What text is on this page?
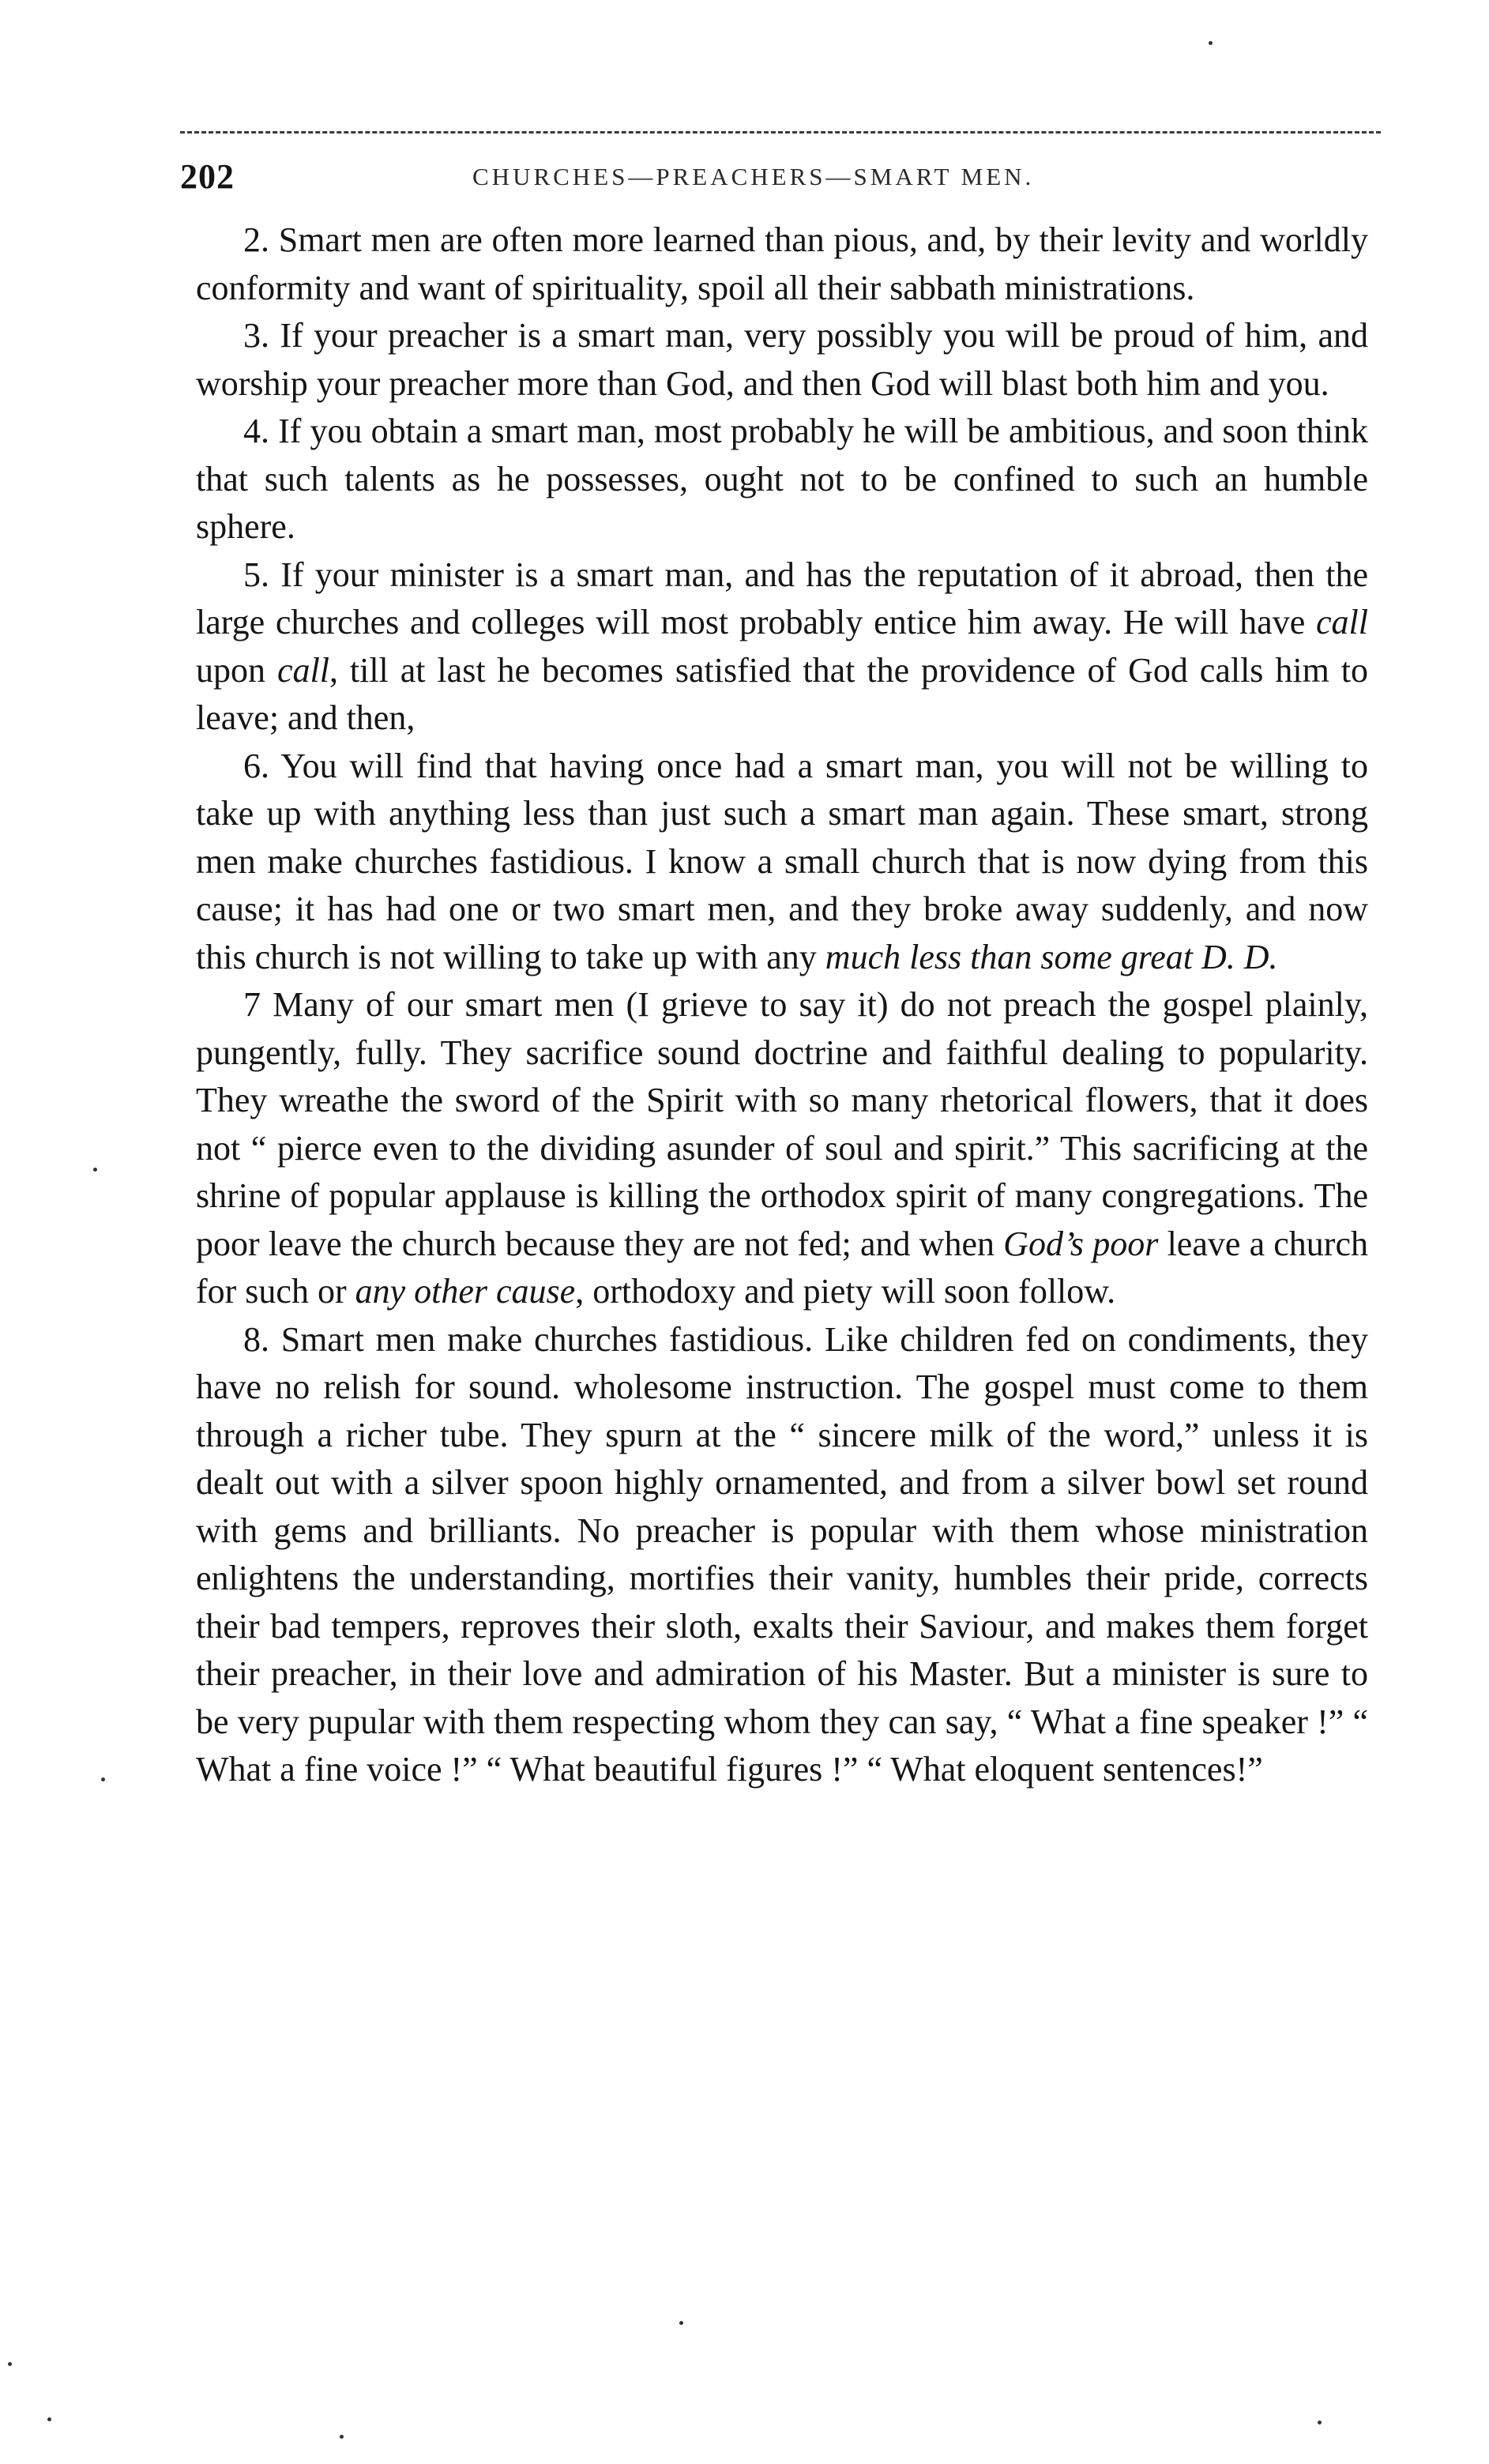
202	CHURCHES—PREACHERS—SMART MEN.

2. Smart men are often more learned than pious, and, by their levity and worldly conformity and want of spirituality, spoil all their sabbath ministrations.

3. If your preacher is a smart man, very possibly you will be proud of him, and worship your preacher more than God, and then God will blast both him and you.

4. If you obtain a smart man, most probably he will be ambitious, and soon think that such talents as he possesses, ought not to be confined to such an humble sphere.

5. If your minister is a smart man, and has the reputation of it abroad, then the large churches and colleges will most probably entice him away. He will have call upon call, till at last he becomes satisfied that the providence of God calls him to leave; and then,

6. You will find that having once had a smart man, you will not be willing to take up with anything less than just such a smart man again. These smart, strong men make churches fastidious. I know a small church that is now dying from this cause; it has had one or two smart men, and they broke away suddenly, and now this church is not willing to take up with any much less than some great D. D.

7 Many of our smart men (I grieve to say it) do not preach the gospel plainly, pungently, fully. They sacrifice sound doctrine and faithful dealing to popularity. They wreathe the sword of the Spirit with so many rhetorical flowers, that it does not “ pierce even to the dividing asunder of soul and spirit.” This sacrificing at the shrine of popular applause is killing the orthodox spirit of many congregations. The poor leave the church because they are not fed; and when God’s poor leave a church for such or any other cause, orthodoxy and piety will soon follow.

8. Smart men make churches fastidious. Like children fed on condiments, they have no relish for sound. wholesome instruction. The gospel must come to them through a richer tube. They spurn at the “ sincere milk of the word,” unless it is dealt out with a silver spoon highly ornamented, and from a silver bowl set round with gems and brilliants. No preacher is popular with them whose ministration enlightens the understanding, mortifies their vanity, humbles their pride, corrects their bad tempers, reproves their sloth, exalts their Saviour, and makes them forget their preacher, in their love and admiration of his Master. But a minister is sure to be very pupular with them respecting whom they can say, “ What a fine speaker !” “ What a fine voice !” “ What beautiful figures !” “ What eloquent sentences!”
